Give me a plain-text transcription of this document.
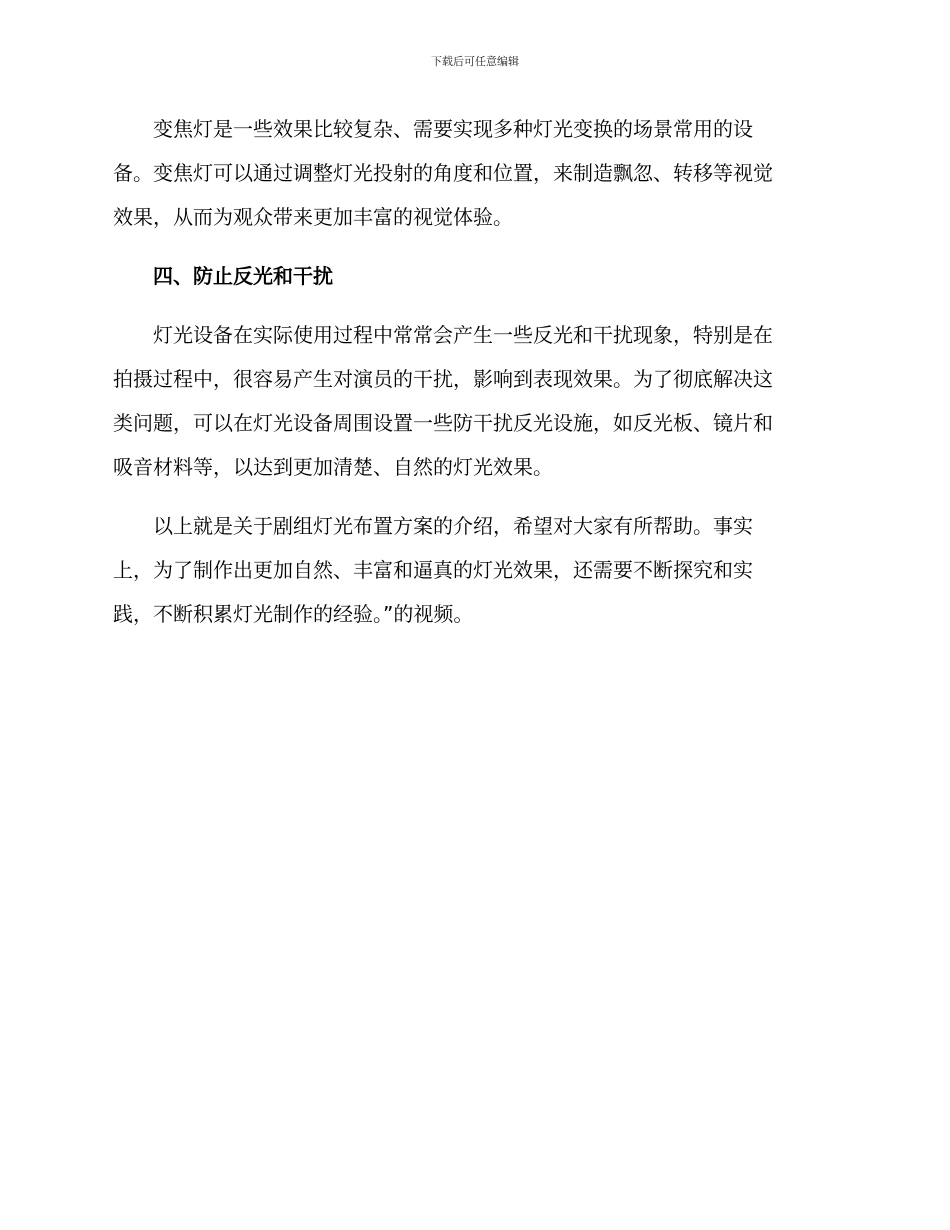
下载后可任意编辑

变焦灯是一些效果比较复杂、需要实现多种灯光变换的场景常用的设
备。变焦灯可以通过调整灯光投射的角度和位置，来制造飘忽、转移等视觉
效果，从而为观众带来更加丰富的视觉体验。

四、防止反光和干扰

灯光设备在实际使用过程中常常会产生一些反光和干扰现象，特别是在
拍摄过程中，很容易产生对演员的干扰，影响到表现效果。为了彻底解决这
类问题，可以在灯光设备周围设置一些防干扰反光设施，如反光板、镜片和
吸音材料等，以达到更加清楚、自然的灯光效果。

以上就是关于剧组灯光布置方案的介绍，希望对大家有所帮助。事实
上，为了制作出更加自然、丰富和逼真的灯光效果，还需要不断探究和实
践，不断积累灯光制作的经验。”的视频。
